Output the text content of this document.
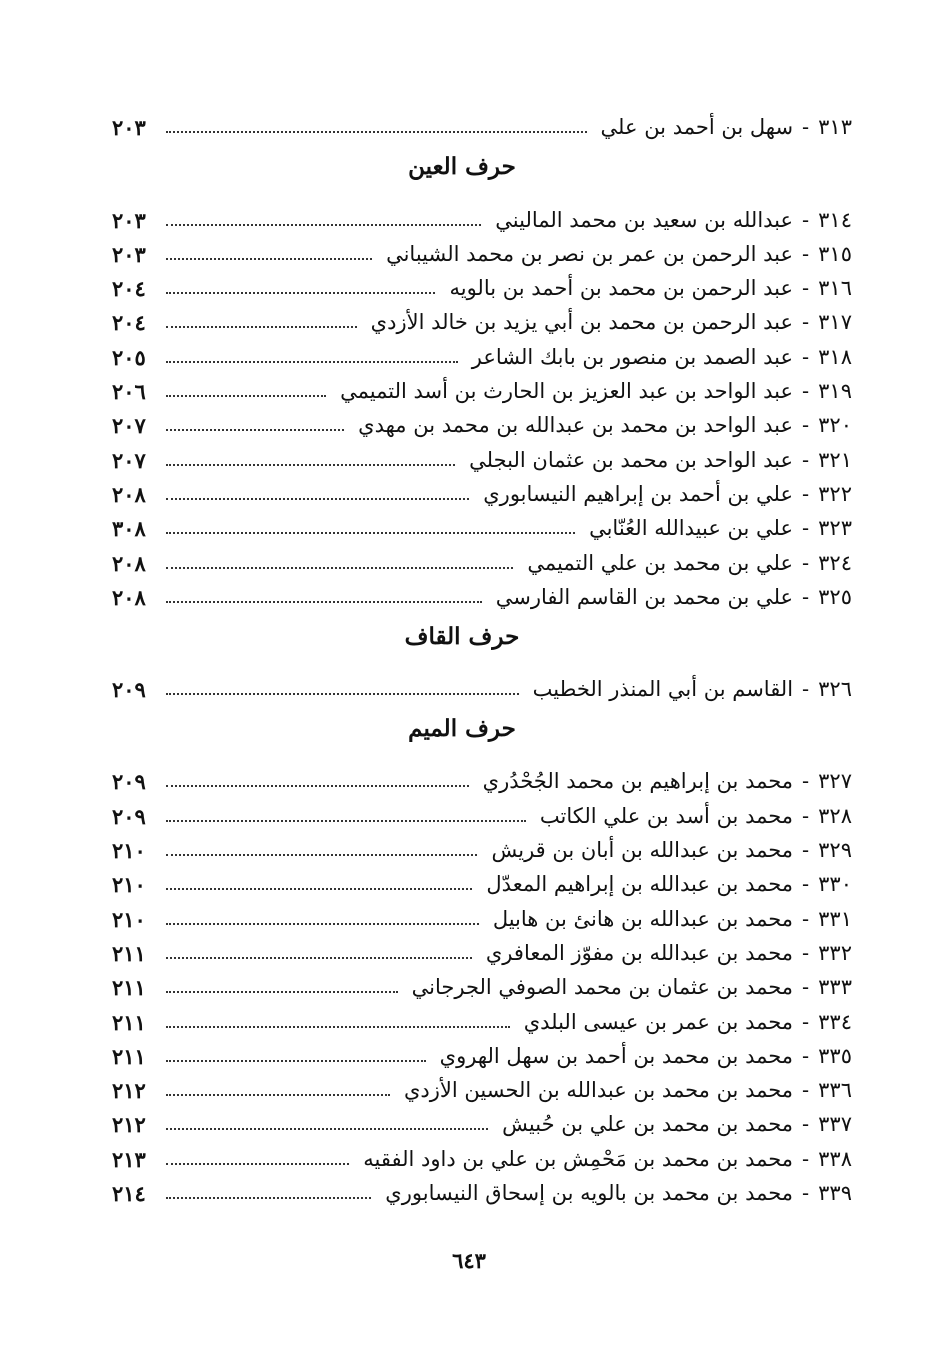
٣١٣
-
سهل بن أحمد بن علي
٢٠٣
حرف العين
٣١٤
-
عبدالله بن سعيد بن محمد المالیني
٢٠٣
٣١٥
-
عبد الرحمن بن عمر بن نصر بن محمد الشيباني
٢٠٣
٣١٦
-
عبد الرحمن بن محمد بن أحمد بن بالويه
٢٠٤
٣١٧
-
عبد الرحمن بن محمد بن أبي يزيد بن خالد الأزدي
٢٠٤
٣١٨
-
عبد الصمد بن منصور بن بابك الشاعر
٢٠٥
٣١٩
-
عبد الواحد بن عبد العزيز بن الحارث بن أسد التميمي
٢٠٦
٣٢٠
-
عبد الواحد بن محمد بن عبدالله بن محمد بن مهدي
٢٠٧
٣٢١
-
عبد الواحد بن محمد بن عثمان البجلي
٢٠٧
٣٢٢
-
علي بن أحمد بن إبراهيم النيسابوري
٢٠٨
٣٢٣
-
علي بن عبيدالله العُنّابي
٣٠٨
٣٢٤
-
علي بن محمد بن علي التميمي
٢٠٨
٣٢٥
-
علي بن محمد بن القاسم الفارسي
٢٠٨
حرف القاف
٣٢٦
-
القاسم بن أبي المنذر الخطيب
٢٠٩
حرف الميم
٣٢٧
-
محمد بن إبراهيم بن محمد الجُحْدُري
٢٠٩
٣٢٨
-
محمد بن أسد بن علي الكاتب
٢٠٩
٣٢٩
-
محمد بن عبدالله بن أبان بن قريش
٢١٠
٣٣٠
-
محمد بن عبدالله بن إبراهيم المعدّل
٢١٠
٣٣١
-
محمد بن عبدالله بن هانئ بن هابيل
٢١٠
٣٣٢
-
محمد بن عبدالله بن مفوّز المعافري
٢١١
٣٣٣
-
محمد بن عثمان بن محمد الصوفي الجرجاني
٢١١
٣٣٤
-
محمد بن عمر بن عيسى البلدي
٢١١
٣٣٥
-
محمد بن محمد بن أحمد بن سهل الهروي
٢١١
٣٣٦
-
محمد بن محمد بن عبدالله بن الحسين الأزدي
٢١٢
٣٣٧
-
محمد بن محمد بن علي بن حُبيش
٢١٢
٣٣٨
-
محمد بن محمد بن مَحْمِش بن علي بن داود الفقيه
٢١٣
٣٣٩
-
محمد بن محمد بن بالويه بن إسحاق النيسابوري
٢١٤
٦٤٣
